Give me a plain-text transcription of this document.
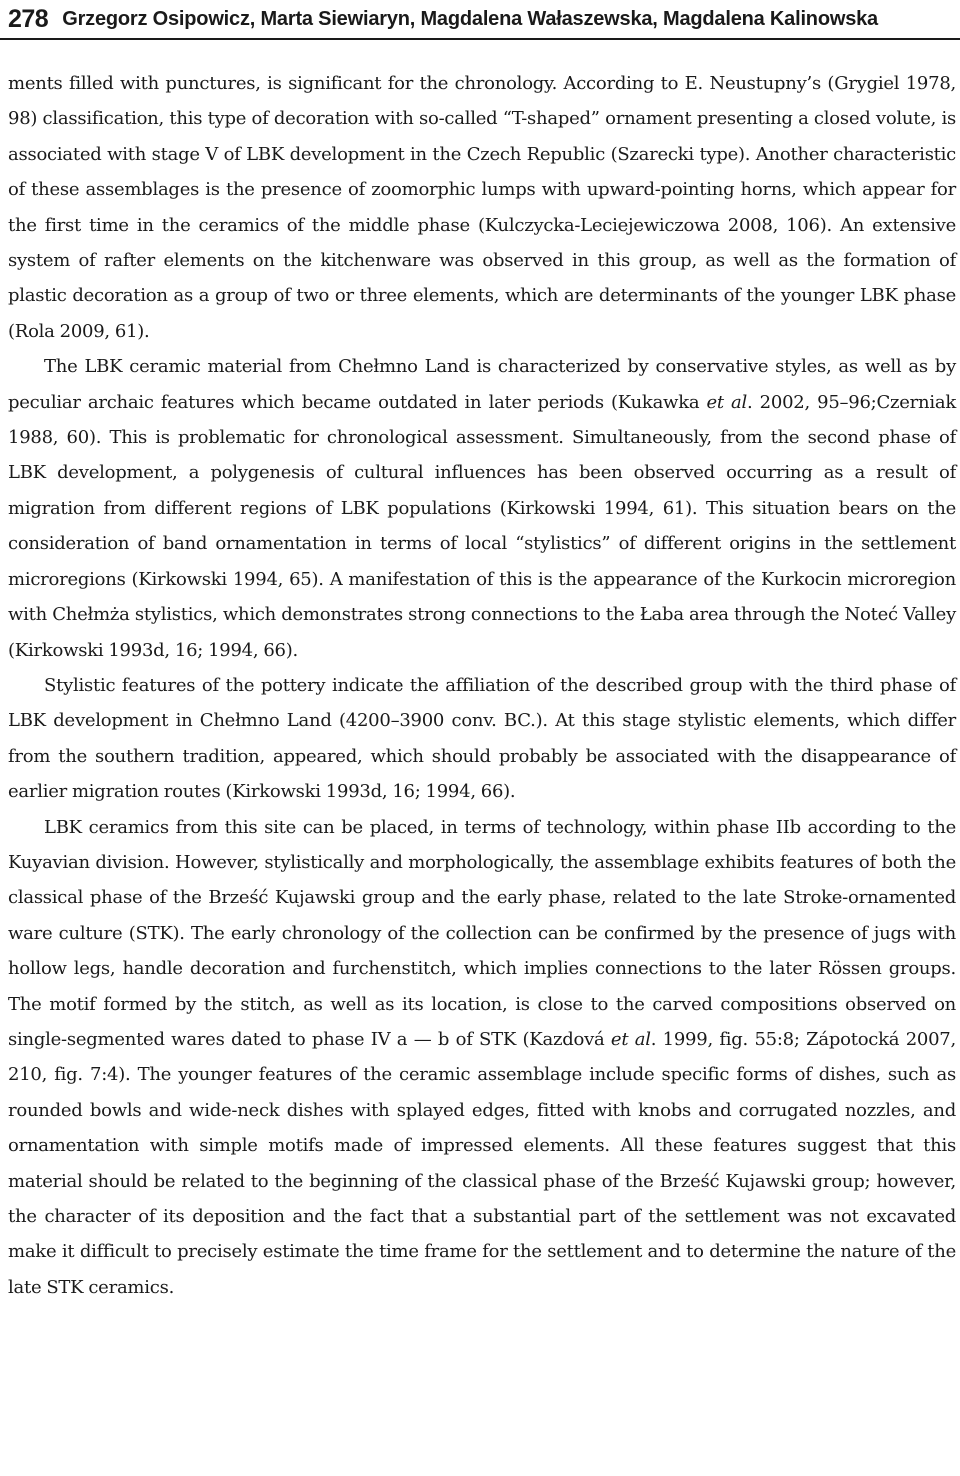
278 Grzegorz Osipowicz, Marta Siewiaryn, Magdalena Wałaszewska, Magdalena Kalinowska

ments filled with punctures, is significant for the chronology. According to E. Neustupny’s (Grygiel 1978, 98) classification, this type of decoration with so-called “T-shaped” ornament presenting a closed volute, is associated with stage V of LBK development in the Czech Republic (Szarecki type). Another characteristic of these assemblages is the presence of zoomorphic lumps with upward-pointing horns, which appear for the first time in the ceramics of the middle phase (Kulczycka-Leciejewiczowa 2008, 106). An extensive system of rafter elements on the kitchenware was observed in this group, as well as the formation of plastic decoration as a group of two or three elements, which are determinants of the younger LBK phase (Rola 2009, 61).

The LBK ceramic material from Chełmno Land is characterized by conservative styles, as well as by peculiar archaic features which became outdated in later periods (Kukawka et al. 2002, 95–96;Czerniak 1988, 60). This is problematic for chronological assessment. Simultaneously, from the second phase of LBK development, a polygenesis of cultural influences has been observed occurring as a result of migration from different regions of LBK populations (Kirkowski 1994, 61). This situation bears on the consideration of band ornamentation in terms of local “stylistics” of different origins in the settlement microregions (Kirkowski 1994, 65). A manifestation of this is the appearance of the Kurkocin microregion with Chełmża stylistics, which demonstrates strong connections to the Łaba area through the Noteć Valley (Kirkowski 1993d, 16; 1994, 66).

Stylistic features of the pottery indicate the affiliation of the described group with the third phase of LBK development in Chełmno Land (4200–3900 conv. BC.). At this stage stylistic elements, which differ from the southern tradition, appeared, which should probably be associated with the disappearance of earlier migration routes (Kirkowski 1993d, 16; 1994, 66).

LBK ceramics from this site can be placed, in terms of technology, within phase IIb according to the Kuyavian division. However, stylistically and morphologically, the assemblage exhibits features of both the classical phase of the Brześć Kujawski group and the early phase, related to the late Stroke-ornamented ware culture (STK). The early chronology of the collection can be confirmed by the presence of jugs with hollow legs, handle decoration and furchenstitch, which implies connections to the later Rössen groups. The motif formed by the stitch, as well as its location, is close to the carved compositions observed on single-segmented wares dated to phase IV a — b of STK (Kazdová et al. 1999, fig. 55:8; Zápotocká 2007, 210, fig. 7:4). The younger features of the ceramic assemblage include specific forms of dishes, such as rounded bowls and wide-neck dishes with splayed edges, fitted with knobs and corrugated nozzles, and ornamentation with simple motifs made of impressed elements. All these features suggest that this material should be related to the beginning of the classical phase of the Brześć Kujawski group; however, the character of its deposition and the fact that a substantial part of the settlement was not excavated make it difficult to precisely estimate the time frame for the settlement and to determine the nature of the late STK ceramics.
